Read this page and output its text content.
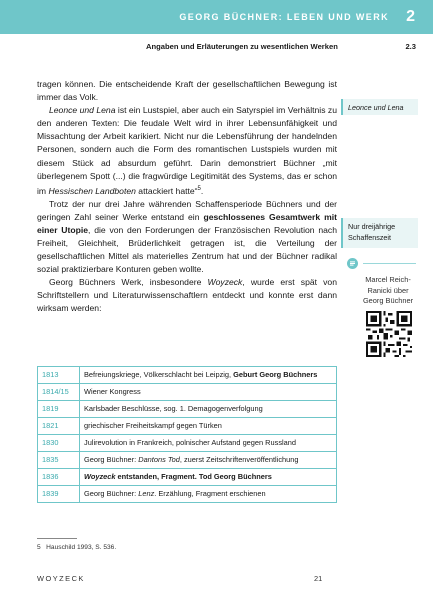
GEORG BÜCHNER: LEBEN UND WERK 2
Angaben und Erläuterungen zu wesentlichen Werken	2.3

tragen können. Die entscheidende Kraft der gesellschaftlichen Bewegung ist immer das Volk.

Leonce und Lena ist ein Lustspiel, aber auch ein Satyrspiel im Verhältnis zu den anderen Texten: Die feudale Welt wird in ihrer Lebensunfähigkeit und Missachtung der Arbeit karikiert. Nicht nur die Lebensführung der handelnden Personen, sondern auch die Form des romantischen Lustspiels wurden mit diesem Stück ad absurdum geführt. Darin demonstriert Büchner „mit überlegenem Spott (...) die fragwürdige Legitimität des Systems, das er schon im Hessischen Landboten attackiert hatte“$^5$.

Trotz der nur drei Jahre währenden Schaffensperiode Büchners und der geringen Zahl seiner Werke entstand ein geschlossenes Gesamtwerk mit einer Utopie, die von den Forderungen der Französischen Revolution nach Freiheit, Gleichheit, Brüderlichkeit getragen ist, die Verteilung der gesellschaftlichen Mittel als materielles Zentrum hat und der Büchner radikal sozial praktizierbare Konturen geben wollte.

Georg Büchners Werk, insbesondere Woyzeck, wurde erst spät von Schriftstellern und Literaturwissenschaftlern entdeckt und konnte erst dann wirksam werden:

Leonce und Lena
Nur dreijährige Schaffenszeit
Marcel Reich-Ranicki über Georg Büchner
1813	Befreiungskriege, Völkerschlacht bei Leipzig, Geburt Georg Büchners
1814/15	Wiener Kongress
1819	Karlsbader Beschlüsse, sog. 1. Demagogenverfolgung
1821	griechischer Freiheitskampf gegen Türken
1830	Julirevolution in Frankreich, polnischer Aufstand gegen Russland
1835	Georg Büchner: Dantons Tod, zuerst Zeitschriftenveröffentlichung
1836	Woyzeck entstanden, Fragment. Tod Georg Büchners
1839	Georg Büchner: Lenz. Erzählung, Fragment erschienen
5 Hauschild 1993, S. 536.
WOYZECK	21
